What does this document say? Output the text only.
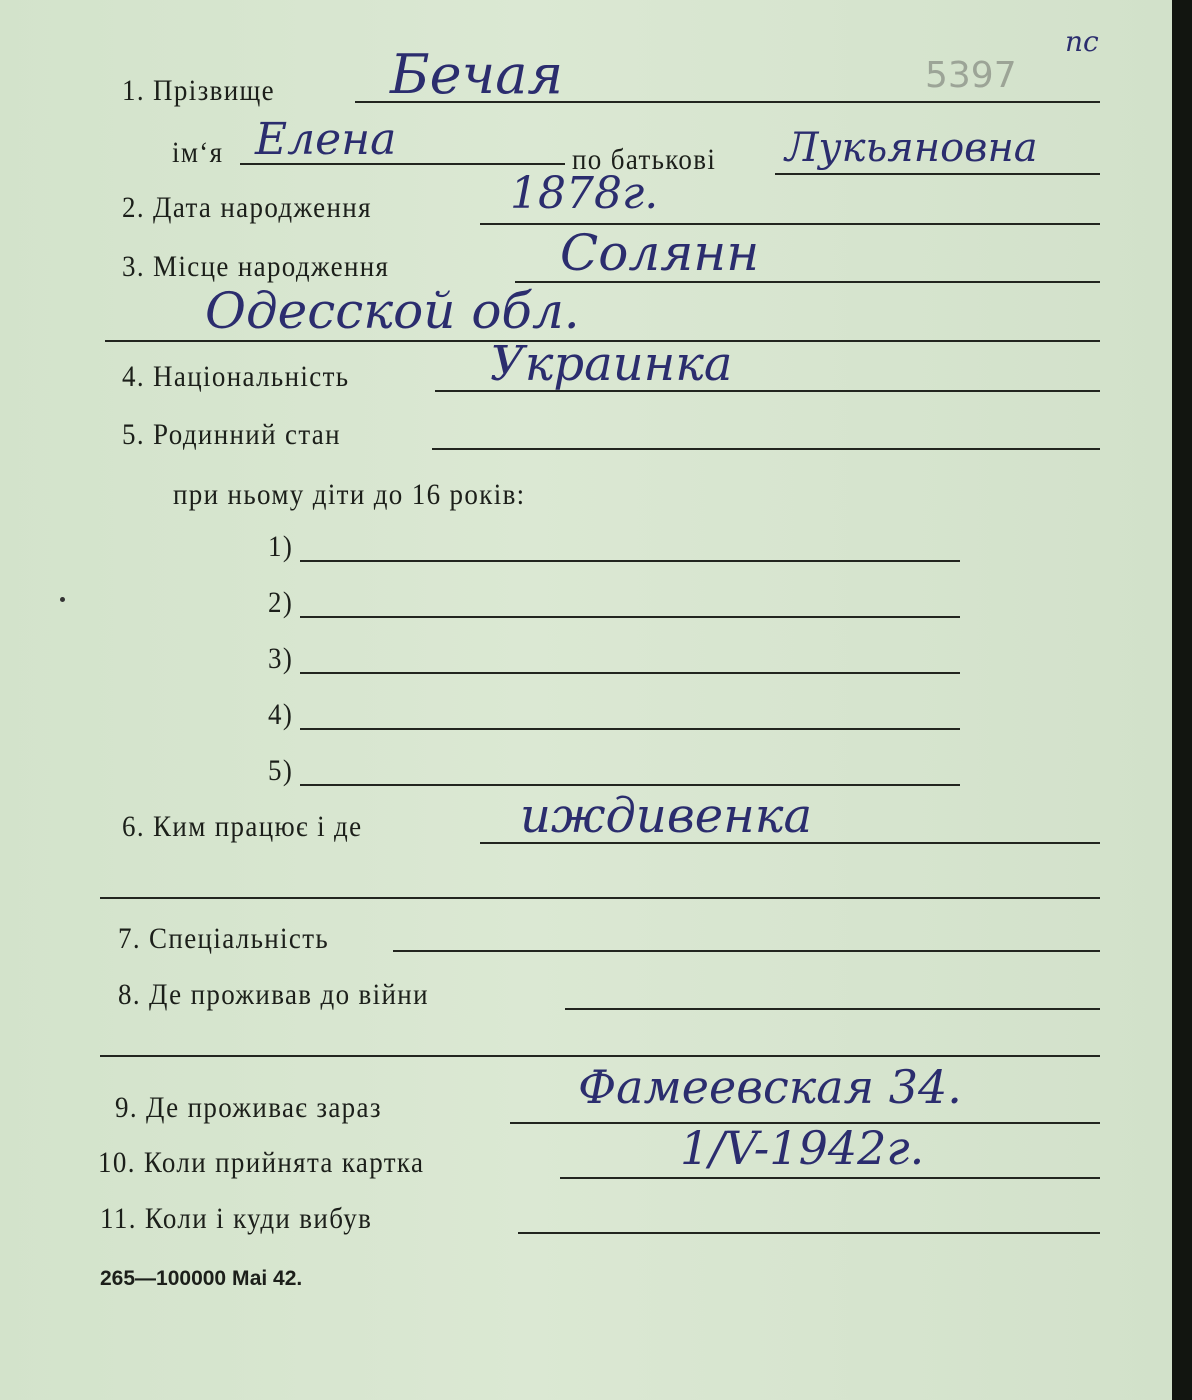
5397
пс
1. Прізвище Бечая
ім‘я Елена	по батькові Лукьяновна
2. Дата народження	1878г.
3. Місце народження	Солянн
Одесской обл.
4. Національність	Украинка
5. Родинний стан
при ньому діти до 16 років:
1)
2)
3)
4)
5)
6. Ким працює і де	иждивенка
7. Спеціальність
8. Де проживав до війни
9. Де проживає зараз	Фамеевская 34.
10. Коли прийнята картка	1/V-1942г.
11. Коли і куди вибув
265—100000 Маі 42.
